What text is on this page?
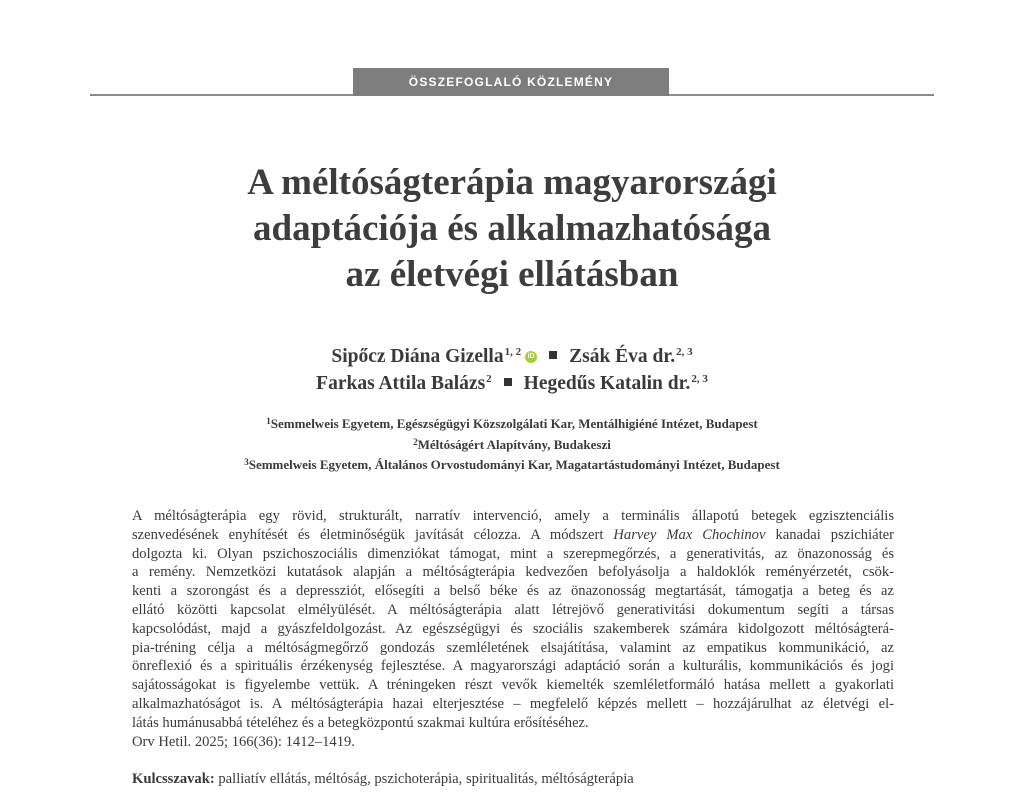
ÖSSZEFOGLALÓ KÖZLEMÉNY
A méltóságterápia magyarországi
adaptációja és alkalmazhatósága
az életvégi ellátásban
Sipőcz Diána Gizella$^{1, 2}$ iD Zsák Éva dr.$^{2, 3}$
Farkas Attila Balázs$^2$ Hegedűs Katalin dr.$^{2, 3}$
$^1$Semmelweis Egyetem, Egészségügyi Közszolgálati Kar, Mentálhigiéné Intézet, Budapest
$^2$Méltóságért Alapítvány, Budakeszi
$^3$Semmelweis Egyetem, Általános Orvostudományi Kar, Magatartástudományi Intézet, Budapest
A méltóságterápia egy rövid, strukturált, narratív intervenció, amely a terminális állapotú betegek egzisztenciális
szenvedésének enyhítését és életminőségük javítását célozza. A módszert Harvey Max Chochinov kanadai pszichiáter
dolgozta ki. Olyan pszichoszociális dimenziókat támogat, mint a szerepmegőrzés, a generativitás, az önazonosság és
a remény. Nemzetközi kutatások alapján a méltóságterápia kedvezően befolyásolja a haldoklók reményérzetét, csök-
kenti a szorongást és a depressziót, elősegíti a belső béke és az önazonosság megtartását, támogatja a beteg és az
ellátó közötti kapcsolat elmélyülését. A méltóságterápia alatt létrejövő generativitási dokumentum segíti a társas
kapcsolódást, majd a gyászfeldolgozást. Az egészségügyi és szociális szakemberek számára kidolgozott méltóságterá-
pia-tréning célja a méltóságmegőrző gondozás szemléletének elsajátítása, valamint az empatikus kommunikáció, az
önreflexió és a spirituális érzékenység fejlesztése. A magyarországi adaptáció során a kulturális, kommunikációs és jogi
sajátosságokat is figyelembe vettük. A tréningeken részt vevők kiemelték szemléletformáló hatása mellett a gyakorlati
alkalmazhatóságot is. A méltóságterápia hazai elterjesztése – megfelelő képzés mellett – hozzájárulhat az életvégi el-
látás humánusabbá tételéhez és a betegközpontú szakmai kultúra erősítéséhez.
Orv Hetil. 2025; 166(36): 1412–1419.
Kulcsszavak: palliatív ellátás, méltóság, pszichoterápia, spiritualitás, méltóságterápia
